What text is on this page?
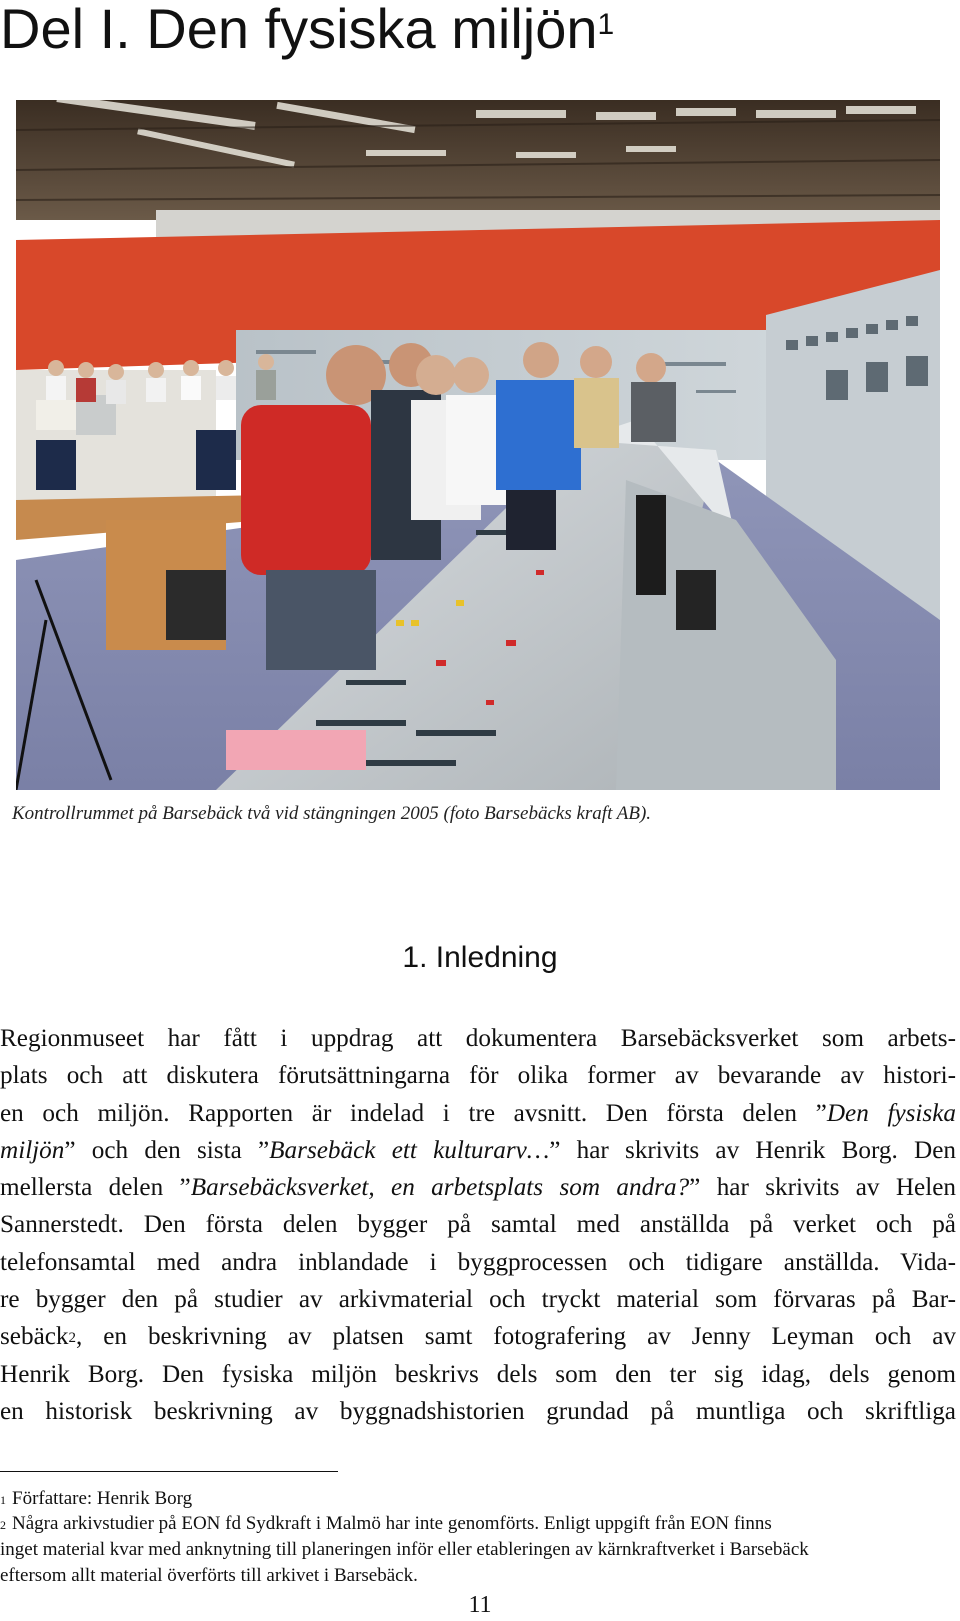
Del I. Den fysiska miljön$^1$
Kontrollrummet på Barsebäck två vid stängningen 2005 (foto Barsebäcks kraft AB).
1. Inledning
Regionmuseet har fått i uppdrag att dokumentera Barsebäcksverket som arbets-
plats och att diskutera förutsättningarna för olika former av bevarande av histori-
en och miljön. Rapporten är indelad i tre avsnitt. Den första delen ”Den fysiska
miljön” och den sista ”Barsebäck ett kulturarv…” har skrivits av Henrik Borg. Den
mellersta delen ”Barsebäcksverket, en arbetsplats som andra?” har skrivits av Helen
Sannerstedt. Den första delen bygger på samtal med anställda på verket och på
telefonsamtal med andra inblandade i byggprocessen och tidigare anställda. Vida-
re bygger den på studier av arkivmaterial och tryckt material som förvaras på Bar-
sebäck$^2$, en beskrivning av platsen samt fotografering av Jenny Leyman och av
Henrik Borg. Den fysiska miljön beskrivs dels som den ter sig idag, dels genom
en historisk beskrivning av byggnadshistorien grundad på muntliga och skriftliga
$^1$ Författare: Henrik Borg
$^2$ Några arkivstudier på EON fd Sydkraft i Malmö har inte genomförts. Enligt uppgift från EON finns
inget material kvar med anknytning till planeringen inför eller etableringen av kärnkraftverket i Barsebäck
eftersom allt material överförts till arkivet i Barsebäck.
11
